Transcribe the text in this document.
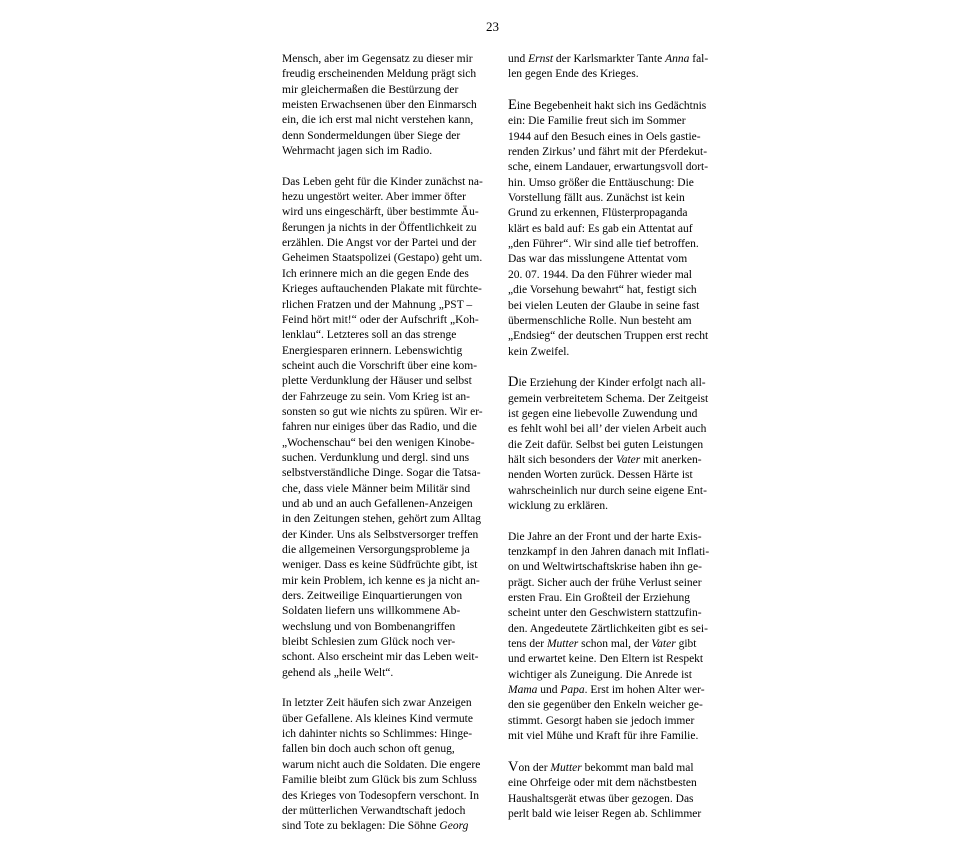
23

Mensch, aber im Gegensatz zu dieser mir
freudig erscheinenden Meldung prägt sich
mir gleichermaßen die Bestürzung der
meisten Erwachsenen über den Einmarsch
ein, die ich erst mal nicht verstehen kann,
denn Sondermeldungen über Siege der
Wehrmacht jagen sich im Radio.

Das Leben geht für die Kinder zunächst na-
hezu ungestört weiter. Aber immer öfter
wird uns eingeschärft, über bestimmte Äu-
ßerungen ja nichts in der Öffentlichkeit zu
erzählen. Die Angst vor der Partei und der
Geheimen Staatspolizei (Gestapo) geht um.
Ich erinnere mich an die gegen Ende des
Krieges auftauchenden Plakate mit fürchte-
rlichen Fratzen und der Mahnung „PST –
Feind hört mit!“ oder der Aufschrift „Koh-
lenklau“. Letzteres soll an das strenge
Energiesparen erinnern. Lebenswichtig
scheint auch die Vorschrift über eine kom-
plette Verdunklung der Häuser und selbst
der Fahrzeuge zu sein. Vom Krieg ist an-
sonsten so gut wie nichts zu spüren. Wir er-
fahren nur einiges über das Radio, und die
„Wochenschau“ bei den wenigen Kinobe-
suchen. Verdunklung und dergl. sind uns
selbstverständliche Dinge. Sogar die Tatsa-
che, dass viele Männer beim Militär sind
und ab und an auch Gefallenen-Anzeigen
in den Zeitungen stehen, gehört zum Alltag
der Kinder. Uns als Selbstversorger treffen
die allgemeinen Versorgungsprobleme ja
weniger. Dass es keine Südfrüchte gibt, ist
mir kein Problem, ich kenne es ja nicht an-
ders. Zeitweilige Einquartierungen von
Soldaten liefern uns willkommene Ab-
wechslung und von Bombenangriffen
bleibt Schlesien zum Glück noch ver-
schont. Also erscheint mir das Leben weit-
gehend als „heile Welt“.

In letzter Zeit häufen sich zwar Anzeigen
über Gefallene. Als kleines Kind vermute
ich dahinter nichts so Schlimmes: Hinge-
fallen bin doch auch schon oft genug,
warum nicht auch die Soldaten. Die engere
Familie bleibt zum Glück bis zum Schluss
des Krieges von Todesopfern verschont. In
der mütterlichen Verwandtschaft jedoch
sind Tote zu beklagen: Die Söhne Georg

und Ernst der Karlsmarkter Tante Anna fal-
len gegen Ende des Krieges.

Eine Begebenheit hakt sich ins Gedächtnis
ein: Die Familie freut sich im Sommer
1944 auf den Besuch eines in Oels gastie-
renden Zirkus’ und fährt mit der Pferdekut-
sche, einem Landauer, erwartungsvoll dort-
hin. Umso größer die Enttäuschung: Die
Vorstellung fällt aus. Zunächst ist kein
Grund zu erkennen, Flüsterpropaganda
klärt es bald auf: Es gab ein Attentat auf
„den Führer“. Wir sind alle tief betroffen.
Das war das misslungene Attentat vom
20. 07. 1944. Da den Führer wieder mal
„die Vorsehung bewahrt“ hat, festigt sich
bei vielen Leuten der Glaube in seine fast
übermenschliche Rolle. Nun besteht am
„Endsieg“ der deutschen Truppen erst recht
kein Zweifel.

Die Erziehung der Kinder erfolgt nach all-
gemein verbreitetem Schema. Der Zeitgeist
ist gegen eine liebevolle Zuwendung und
es fehlt wohl bei all’ der vielen Arbeit auch
die Zeit dafür. Selbst bei guten Leistungen
hält sich besonders der Vater mit anerken-
nenden Worten zurück. Dessen Härte ist
wahrscheinlich nur durch seine eigene Ent-
wicklung zu erklären.

Die Jahre an der Front und der harte Exis-
tenzkampf in den Jahren danach mit Inflati-
on und Weltwirtschaftskrise haben ihn ge-
prägt. Sicher auch der frühe Verlust seiner
ersten Frau. Ein Großteil der Erziehung
scheint unter den Geschwistern stattzufin-
den. Angedeutete Zärtlichkeiten gibt es sei-
tens der Mutter schon mal, der Vater gibt
und erwartet keine. Den Eltern ist Respekt
wichtiger als Zuneigung. Die Anrede ist
Mama und Papa. Erst im hohen Alter wer-
den sie gegenüber den Enkeln weicher ge-
stimmt. Gesorgt haben sie jedoch immer
mit viel Mühe und Kraft für ihre Familie.

Von der Mutter bekommt man bald mal
eine Ohrfeige oder mit dem nächstbesten
Haushaltsgerät etwas über gezogen. Das
perlt bald wie leiser Regen ab. Schlimmer
